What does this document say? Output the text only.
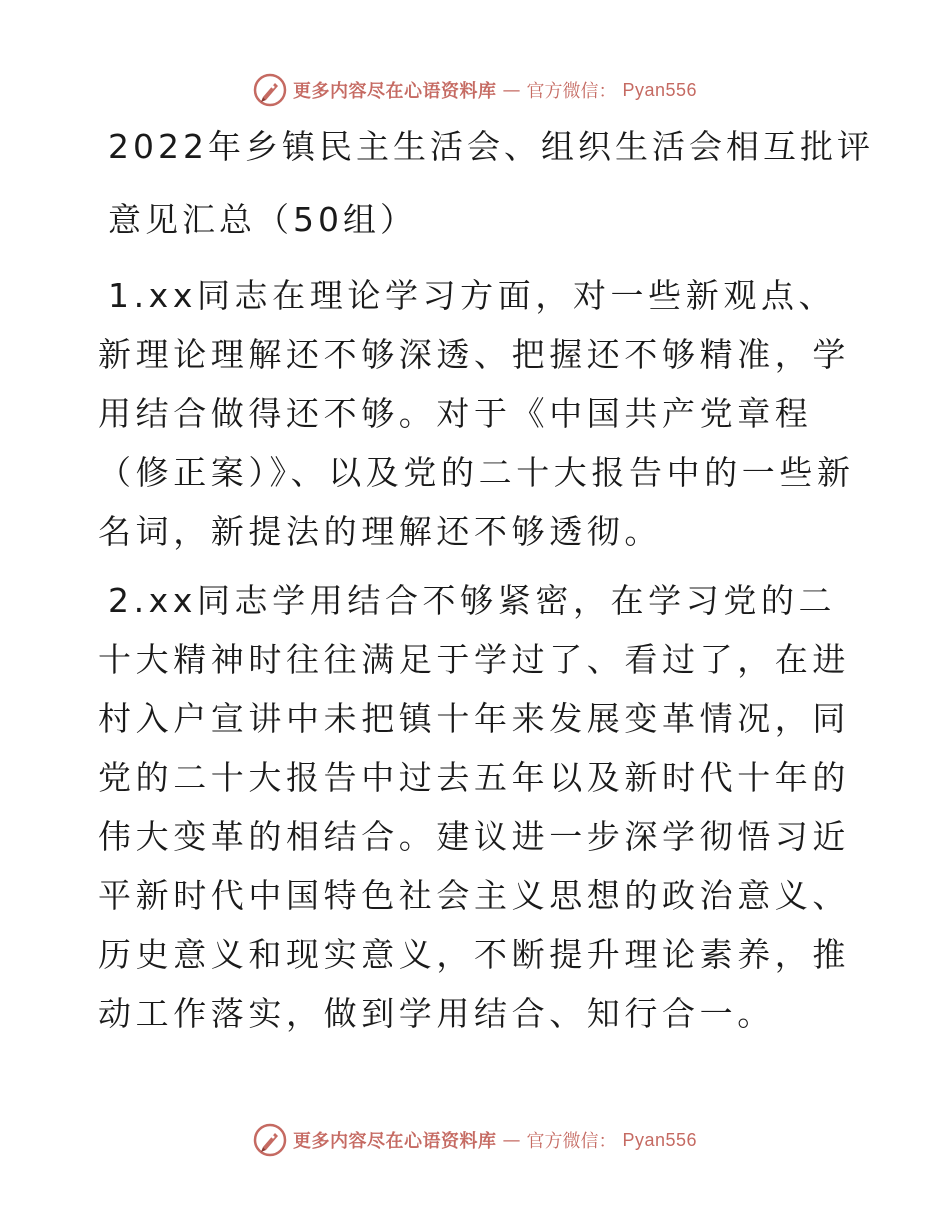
更多内容尽在心语资料库 — 官方微信： Pyan556
2022年乡镇民主生活会、组织生活会相互批评
意见汇总（50组）

1.xx同志在理论学习方面，对一些新观点、新理论理解还不够深透、把握还不够精准，学用结合做得还不够。对于《中国共产党章程（修正案）》、以及党的二十大报告中的一些新名词，新提法的理解还不够透彻。

2.xx同志学用结合不够紧密，在学习党的二十大精神时往往满足于学过了、看过了，在进村入户宣讲中未把镇十年来发展变革情况，同党的二十大报告中过去五年以及新时代十年的伟大变革的相结合。建议进一步深学彻悟习近平新时代中国特色社会主义思想的政治意义、历史意义和现实意义，不断提升理论素养，推动工作落实，做到学用结合、知行合一。

更多内容尽在心语资料库 — 官方微信： Pyan556
